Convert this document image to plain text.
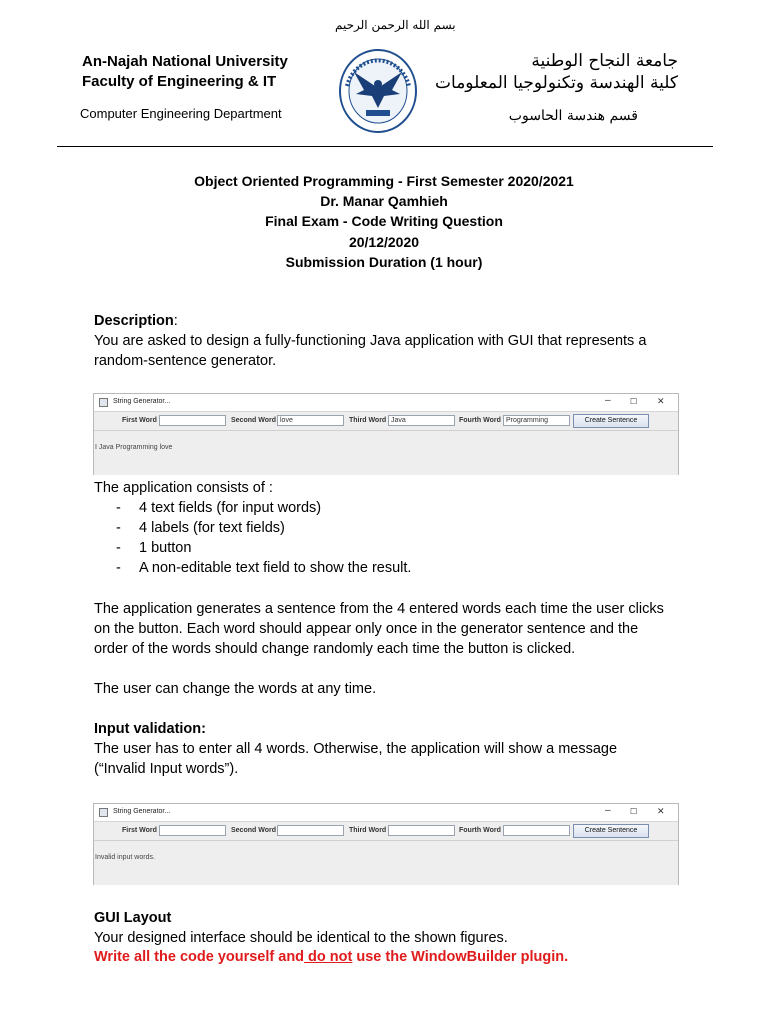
بسم الله الرحمن الرحيم
An-Najah National University
Faculty of Engineering & IT
Computer Engineering Department
جامعة النجاح الوطنية
كلية الهندسة وتكنولوجيا المعلومات
قسم هندسة الحاسوب
Object Oriented Programming - First Semester 2020/2021
Dr. Manar Qamhieh
Final Exam - Code Writing Question
20/12/2020
Submission Duration (1 hour)
Description:
You are asked to design a fully-functioning Java application with GUI that represents a random-sentence generator.
String Generator...	– ☐ ✕
First Word	Second Word love	Third Word Java	Fourth Word Programming	Create Sentence
I Java Programming love
The application consists of :
- 4 text fields (for input words)
- 4 labels (for text fields)
- 1 button
- A non-editable text field to show the result.
The application generates a sentence from the 4 entered words each time the user clicks on the button. Each word should appear only once in the generator sentence and the order of the words should change randomly each time the button is clicked.
The user can change the words at any time.
Input validation:
The user has to enter all 4 words. Otherwise, the application will show a message (“Invalid Input words”).
String Generator...	– ☐ ✕
First Word	Second Word	Third Word	Fourth Word	Create Sentence
Invalid input words.
GUI Layout
Your designed interface should be identical to the shown figures.
Write all the code yourself and do not use the WindowBuilder plugin.
